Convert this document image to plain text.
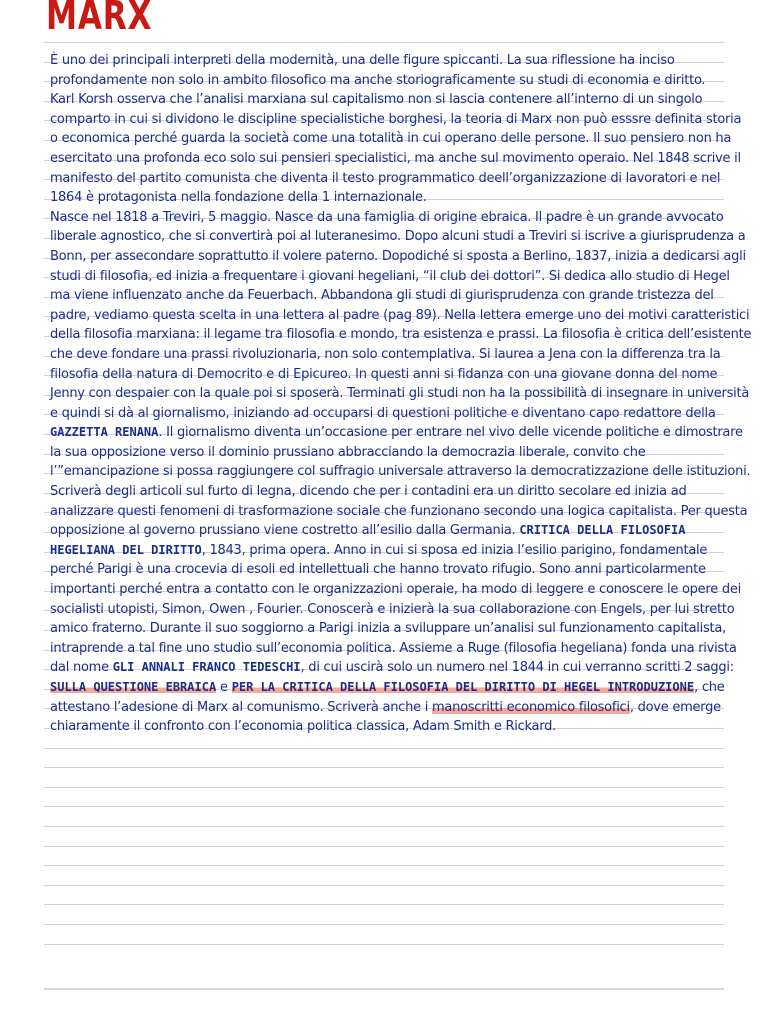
MARX

È uno dei principali interpreti della modernità, una delle figure spiccanti. La sua riflessione ha inciso profondamente non solo in ambito filosofico ma anche storiograficamente su studi di economia e diritto.

Karl Korsh osserva che l’analisi marxiana sul capitalismo non si lascia contenere all’interno di un singolo comparto in cui si dividono le discipline specialistiche borghesi, la teoria di Marx non può esssre definita storia o economica perché guarda la società come una totalità in cui operano delle persone. Il suo pensiero non ha esercitato una profonda eco solo sui pensieri specialistici, ma anche sul movimento operaio. Nel 1848 scrive il manifesto del partito comunista che diventa il testo programmatico deell’organizzazione di lavoratori e nel 1864 è protagonista nella fondazione della 1 internazionale.

Nasce nel 1818 a Treviri, 5 maggio. Nasce da una famiglia di origine ebraica. Il padre è un grande avvocato liberale agnostico, che si convertirà poi al luteranesimo. Dopo alcuni studi a Treviri si iscrive a giurisprudenza a Bonn, per assecondare soprattutto il volere paterno. Dopodiché si sposta a Berlino, 1837, inizia a dedicarsi agli studi di filosofia, ed inizia a frequentare i giovani hegeliani, “il club dei dottori”. Si dedica allo studio di Hegel ma viene influenzato anche da Feuerbach. Abbandona gli studi di giurisprudenza con grande tristezza del padre, vediamo questa scelta in una lettera al padre (pag 89). Nella lettera emerge uno dei motivi caratteristici della filosofia marxiana: il legame tra filosofia e mondo, tra esistenza e prassi. La filosofia è critica dell’esistente che deve fondare una prassi rivoluzionaria, non solo contemplativa. Si laurea a Jena con la differenza tra la filosofia della natura di Democrito e di Epicureo. In questi anni si fidanza con una giovane donna del nome Jenny con despaier con la quale poi si sposerà. Terminati gli studi non ha la possibilità di insegnare in università e quindi si dà al giornalismo, iniziando ad occuparsi di questioni politiche e diventano capo redattore della GAZZETTA RENANA. Il giornalismo diventa un’occasione per entrare nel vivo delle vicende politiche e dimostrare la sua opposizione verso il dominio prussiano abbracciando la democrazia liberale, convito che l’”emancipazione si possa raggiungere col suffragio universale attraverso la democratizzazione delle istituzioni. Scriverà degli articoli sul furto di legna, dicendo che per i contadini era un diritto secolare ed inizia ad analizzare questi fenomeni di trasformazione sociale che funzionano secondo una logica capitalista. Per questa opposizione al governo prussiano viene costretto all’esilio dalla Germania. CRITICA DELLA FILOSOFIA HEGELIANA DEL DIRITTO, 1843, prima opera. Anno in cui si sposa ed inizia l’esilio parigino, fondamentale perché Parigi è una crocevia di esoli ed intellettuali che hanno trovato rifugio. Sono anni particolarmente importanti perché entra a contatto con le organizzazioni operaie, ha modo di leggere e conoscere le opere dei socialisti utopisti, Simon, Owen , Fourier. Conoscerà e inizierà la sua collaborazione con Engels, per lui stretto amico fraterno. Durante il suo soggiorno a Parigi inizia a sviluppare un’analisi sul funzionamento capitalista, intraprende a tal fine uno studio sull’economia politica. Assieme a Ruge (filosofia hegeliana) fonda una rivista dal nome GLI ANNALI FRANCO TEDESCHI, di cui uscirà solo un numero nel 1844 in cui verranno scritti 2 saggi: SULLA QUESTIONE EBRAICA e PER LA CRITICA DELLA FILOSOFIA DEL DIRITTO DI HEGEL INTRODUZIONE, che attestano l’adesione di Marx al comunismo. Scriverà anche i manoscritti economico filosofici, dove emerge chiaramente il confronto con l’economia politica classica, Adam Smith e Rickard.
